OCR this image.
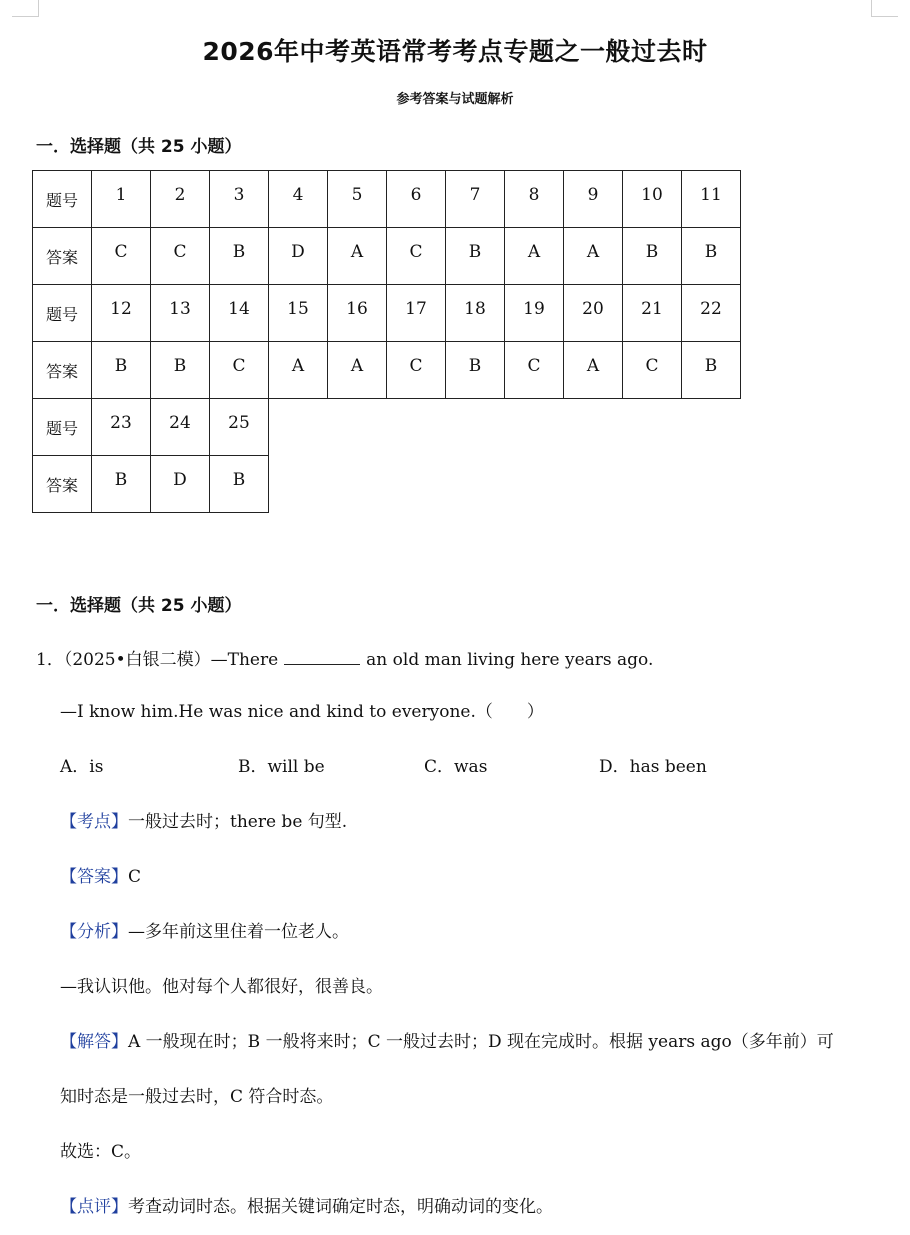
2026年中考英语常考考点专题之一般过去时
参考答案与试题解析
一．选择题（共 25 小题）
题号	1	2	3	4	5	6	7	8	9	10	11
答案	C	C	B	D	A	C	B	A	A	B	B
题号	12	13	14	15	16	17	18	19	20	21	22
答案	B	B	C	A	A	C	B	C	A	C	B
题号	23	24	25								
答案	B	D	B								
一．选择题（共 25 小题）
1．（2025•白银二模）—There	an old man living here years ago.
—I know him.He was nice and kind to everyone.（　　）
A．is	B．will be	C．was	D．has been
【考点】一般过去时；there be 句型.
【答案】C
【分析】—多年前这里住着一位老人。
—我认识他。他对每个人都很好，很善良。
【解答】A 一般现在时；B 一般将来时；C 一般过去时；D 现在完成时。根据 years ago（多年前）可
知时态是一般过去时，C 符合时态。
故选：C。
【点评】考查动词时态。根据关键词确定时态，明确动词的变化。
